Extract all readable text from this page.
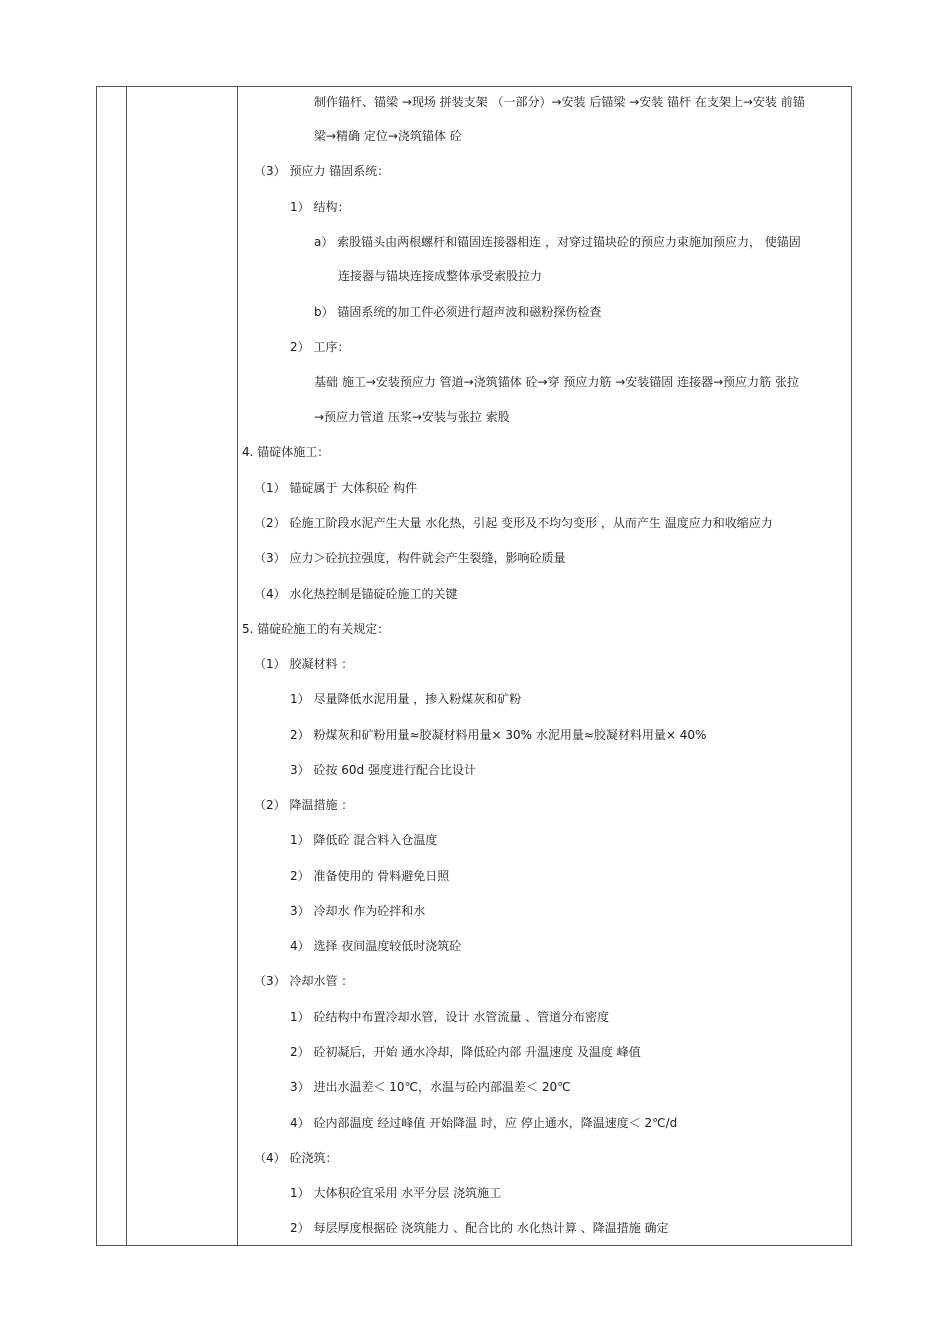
制作锚杆、锚梁 →现场 拼装支架 （一部分）→安装 后锚梁 →安装 锚杆 在支架上→安装 前锚
梁→精确 定位→浇筑锚体 砼
（3） 预应力 锚固系统：
1） 结构：
a） 索股锚头由两根螺杆和锚固连接器相连 ，对穿过锚块砼的预应力束施加预应力， 使锚固
连接器与锚块连接成整体承受索股拉力
b） 锚固系统的加工件必须进行超声波和磁粉探伤检查
2） 工序：
基础 施工→安装预应力 管道→浇筑锚体 砼→穿 预应力筋 →安装锚固 连接器→预应力筋 张拉
→预应力管道 压浆→安装与张拉 索股
4. 锚碇体施工：
（1） 锚碇属于 大体积砼 构件
（2） 砼施工阶段水泥产生大量 水化热，引起 变形及不均匀变形 ，从而产生 温度应力和收缩应力
（3） 应力＞砼抗拉强度，构件就会产生裂缝，影响砼质量
（4） 水化热控制是锚碇砼施工的关键
5. 锚碇砼施工的有关规定：
（1） 胶凝材料 ：
1） 尽量降低水泥用量 ，掺入粉煤灰和矿粉
2） 粉煤灰和矿粉用量≈胶凝材料用量× 30% 水泥用量≈胶凝材料用量× 40%
3） 砼按 60d 强度进行配合比设计
（2） 降温措施 ：
1） 降低砼 混合料入仓温度
2） 准备使用的 骨料避免日照
3） 冷却水 作为砼拌和水
4） 选择 夜间温度较低时浇筑砼
（3） 冷却水管 ：
1） 砼结构中布置冷却水管，设计 水管流量 、管道分布密度
2） 砼初凝后，开始 通水冷却，降低砼内部 升温速度 及温度 峰值
3） 进出水温差＜ 10℃，水温与砼内部温差＜ 20℃
4） 砼内部温度 经过峰值 开始降温 时，应 停止通水，降温速度＜ 2℃/d
（4） 砼浇筑：
1） 大体积砼宜采用 水平分层 浇筑施工
2） 每层厚度根据砼 浇筑能力 、配合比的 水化热计算 、降温措施 确定
